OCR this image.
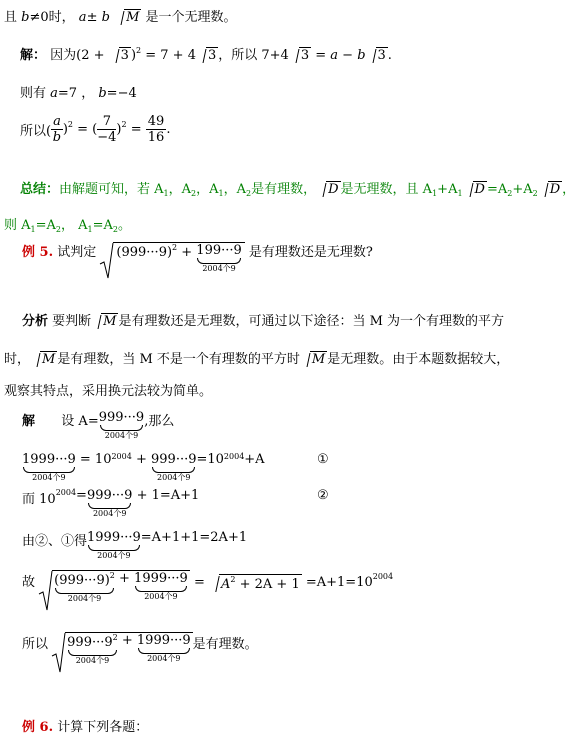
且 b≠0时， a± b M 是一个无理数。
解： 因为(2 + 3 )$^2$ = 7 + 4 3 ，所以 7+4 3 = a − b 3 .
则有 a=7 ， b=−4
所以( $\frac{a}{b} )^2$ = ( $\frac{7}{-4} )^2 = \frac{49}{16}$ .
总结：由解题可知，若 $A_1$，$A_2$，$A_1$，$A_2$是有理数， D 是无理数，且 $A_1+A_1$ $D =A_2+A_2$ D ，
则 $A_1=A_2$， $A_1=A_2$。
例 5. 试判定 $(999\cdot\cdot\cdot 9)^2 + 199\cdot\cdot\cdot 9$
2004个9
是有理数还是无理数?
分析 要判断 M 是有理数还是无理数，可通过以下途径：当 M 为一个有理数的平方
时， M 是有理数，当 M 不是一个有理数的平方时 M 是无理数。由于本题数据较大，
观察其特点，采用换元法较为简单。
解 设 A= 999···9
2004个9
,那么
1999···9
2004个9
= $10^{2004} + 999\cdot\cdot\cdot 9$
2004个9
$=10^{2004}+A$	①
而 $10^{2004}= 999\cdot\cdot\cdot 9$
2004个9
+ 1=A+1	②
由②、①得 1999···9
2004个9
=A+1+1=2A+1
故 $(999\cdot\cdot\cdot 9)^2$
2004个9
+ 1999···9
2004个9
= $A^2 + 2A + 1 =A+1=10^{2004}$
所以 $999\cdot\cdot\cdot 9^2$
2004个9
+ 1999···9
2004个9
是有理数。
例 6. 计算下列各题：
